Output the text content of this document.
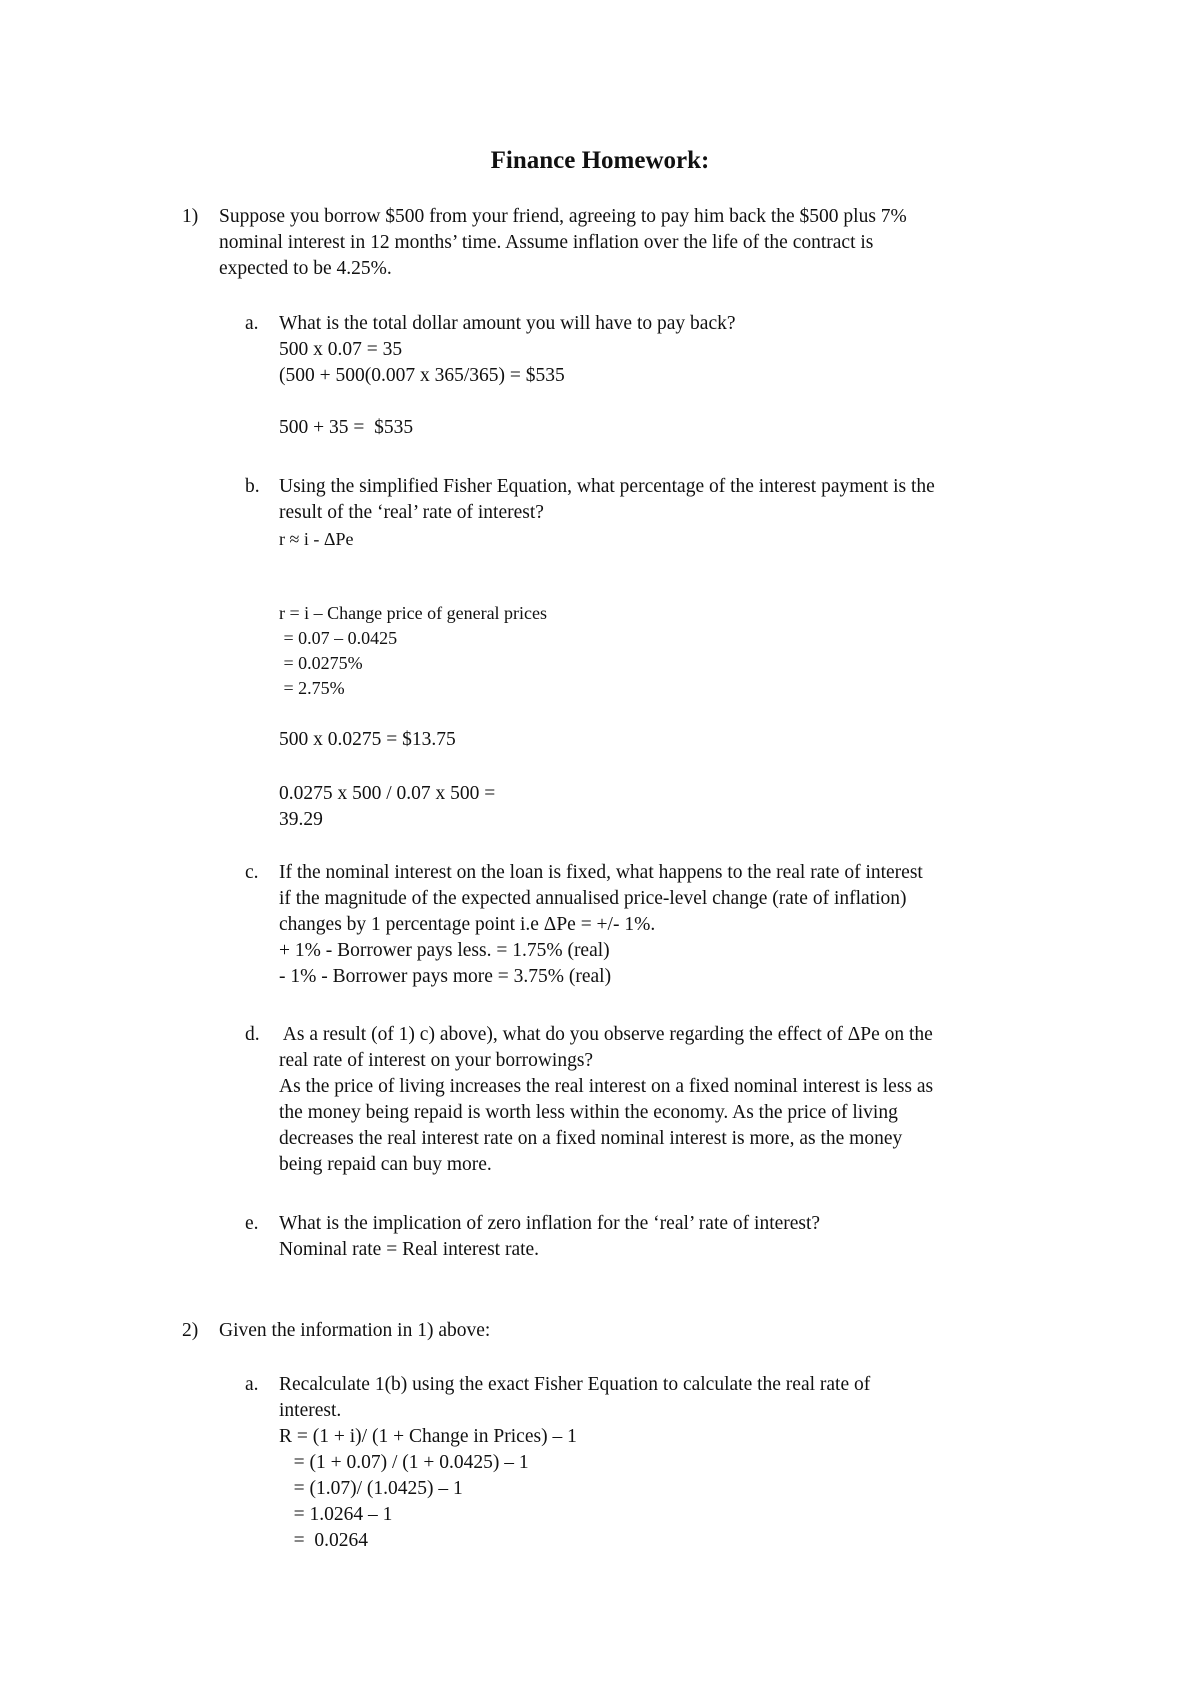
Finance Homework:
1) Suppose you borrow $500 from your friend, agreeing to pay him back the $500 plus 7%
nominal interest in 12 months’ time. Assume inflation over the life of the contract is
expected to be 4.25%.
a. What is the total dollar amount you will have to pay back?
500 x 0.07 = 35
(500 + 500(0.007 x 365/365) = $535
500 + 35 =  $535
b. Using the simplified Fisher Equation, what percentage of the interest payment is the
result of the ‘real’ rate of interest?
r ≈ i - ΔPe
r = i – Change price of general prices
= 0.07 – 0.0425
= 0.0275%
= 2.75%
500 x 0.0275 = $13.75
0.0275 x 500 / 0.07 x 500 =
39.29
c. If the nominal interest on the loan is fixed, what happens to the real rate of interest
if the magnitude of the expected annualised price-level change (rate of inflation)
changes by 1 percentage point i.e ΔPe = +/- 1%.
+ 1% - Borrower pays less. = 1.75% (real)
- 1% - Borrower pays more = 3.75% (real)
d. As a result (of 1) c) above), what do you observe regarding the effect of ΔPe on the
real rate of interest on your borrowings?
As the price of living increases the real interest on a fixed nominal interest is less as
the money being repaid is worth less within the economy. As the price of living
decreases the real interest rate on a fixed nominal interest is more, as the money
being repaid can buy more.
e. What is the implication of zero inflation for the ‘real’ rate of interest?
Nominal rate = Real interest rate.
2) Given the information in 1) above:
a. Recalculate 1(b) using the exact Fisher Equation to calculate the real rate of
interest.
R = (1 + i)/ (1 + Change in Prices) – 1
= (1 + 0.07) / (1 + 0.0425) – 1
= (1.07)/ (1.0425) – 1
= 1.0264 – 1
=  0.0264
